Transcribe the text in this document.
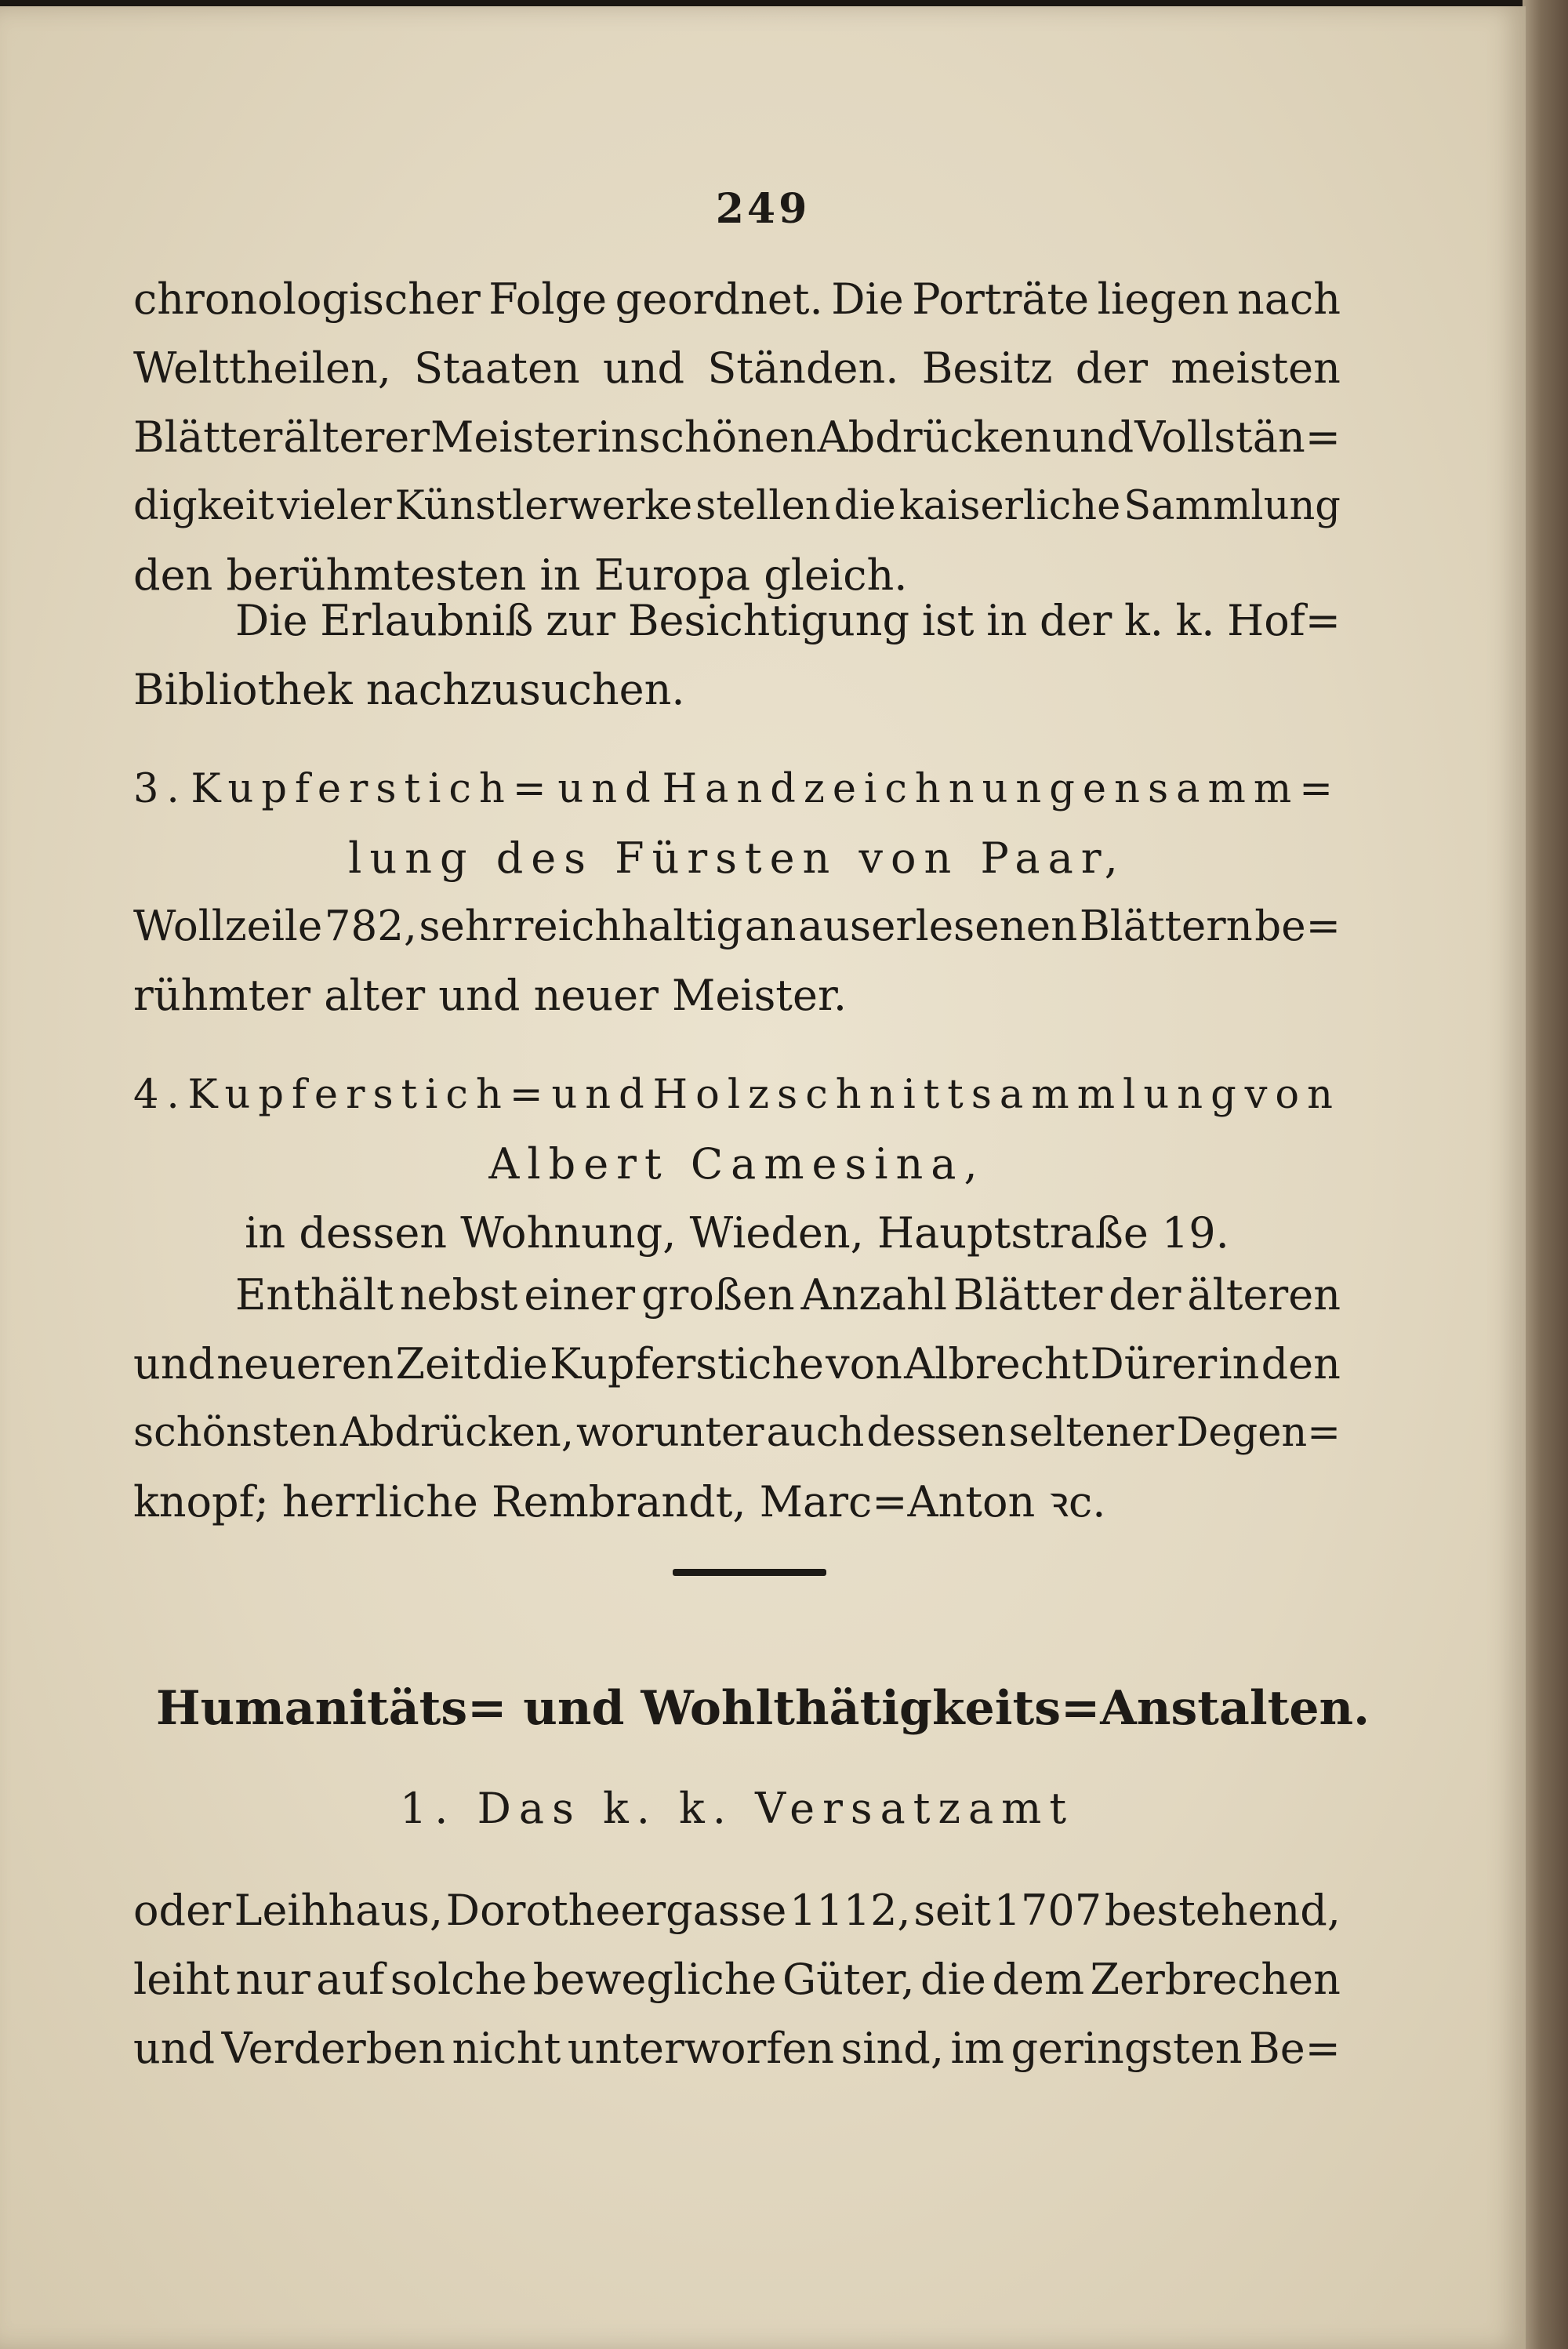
249
chronologischer Folge geordnet. Die Porträte liegen nach
Welttheilen, Staaten und Ständen. Besitz der meisten
Blätter älterer Meister in schönen Abdrücken und Vollstän=
digkeit vieler Künstlerwerke stellen die kaiserliche Sammlung
den berühmtesten in Europa gleich.
Die Erlaubniß zur Besichtigung ist in der k. k. Hof=
Bibliothek nachzusuchen.
3. Kupferstich= und Handzeichnungensamm=
lung des Fürsten von Paar,
Wollzeile 782, sehr reichhaltig an auserlesenen Blättern be=
rühmter alter und neuer Meister.
4. Kupferstich= und Holzschnittsammlung von
Albert Camesina,
in dessen Wohnung, Wieden, Hauptstraße 19.
Enthält nebst einer großen Anzahl Blätter der älteren
und neueren Zeit die Kupferstiche von Albrecht Dürer in den
schönsten Abdrücken, worunter auch dessen seltener Degen=
knopf; herrliche Rembrandt, Marc=Anton ꝛc.
Humanitäts= und Wohlthätigkeits=Anstalten.
1. Das k. k. Versatzamt
oder Leihhaus, Dorotheergasse 1112, seit 1707 bestehend,
leiht nur auf solche bewegliche Güter, die dem Zerbrechen
und Verderben nicht unterworfen sind, im geringsten Be=
